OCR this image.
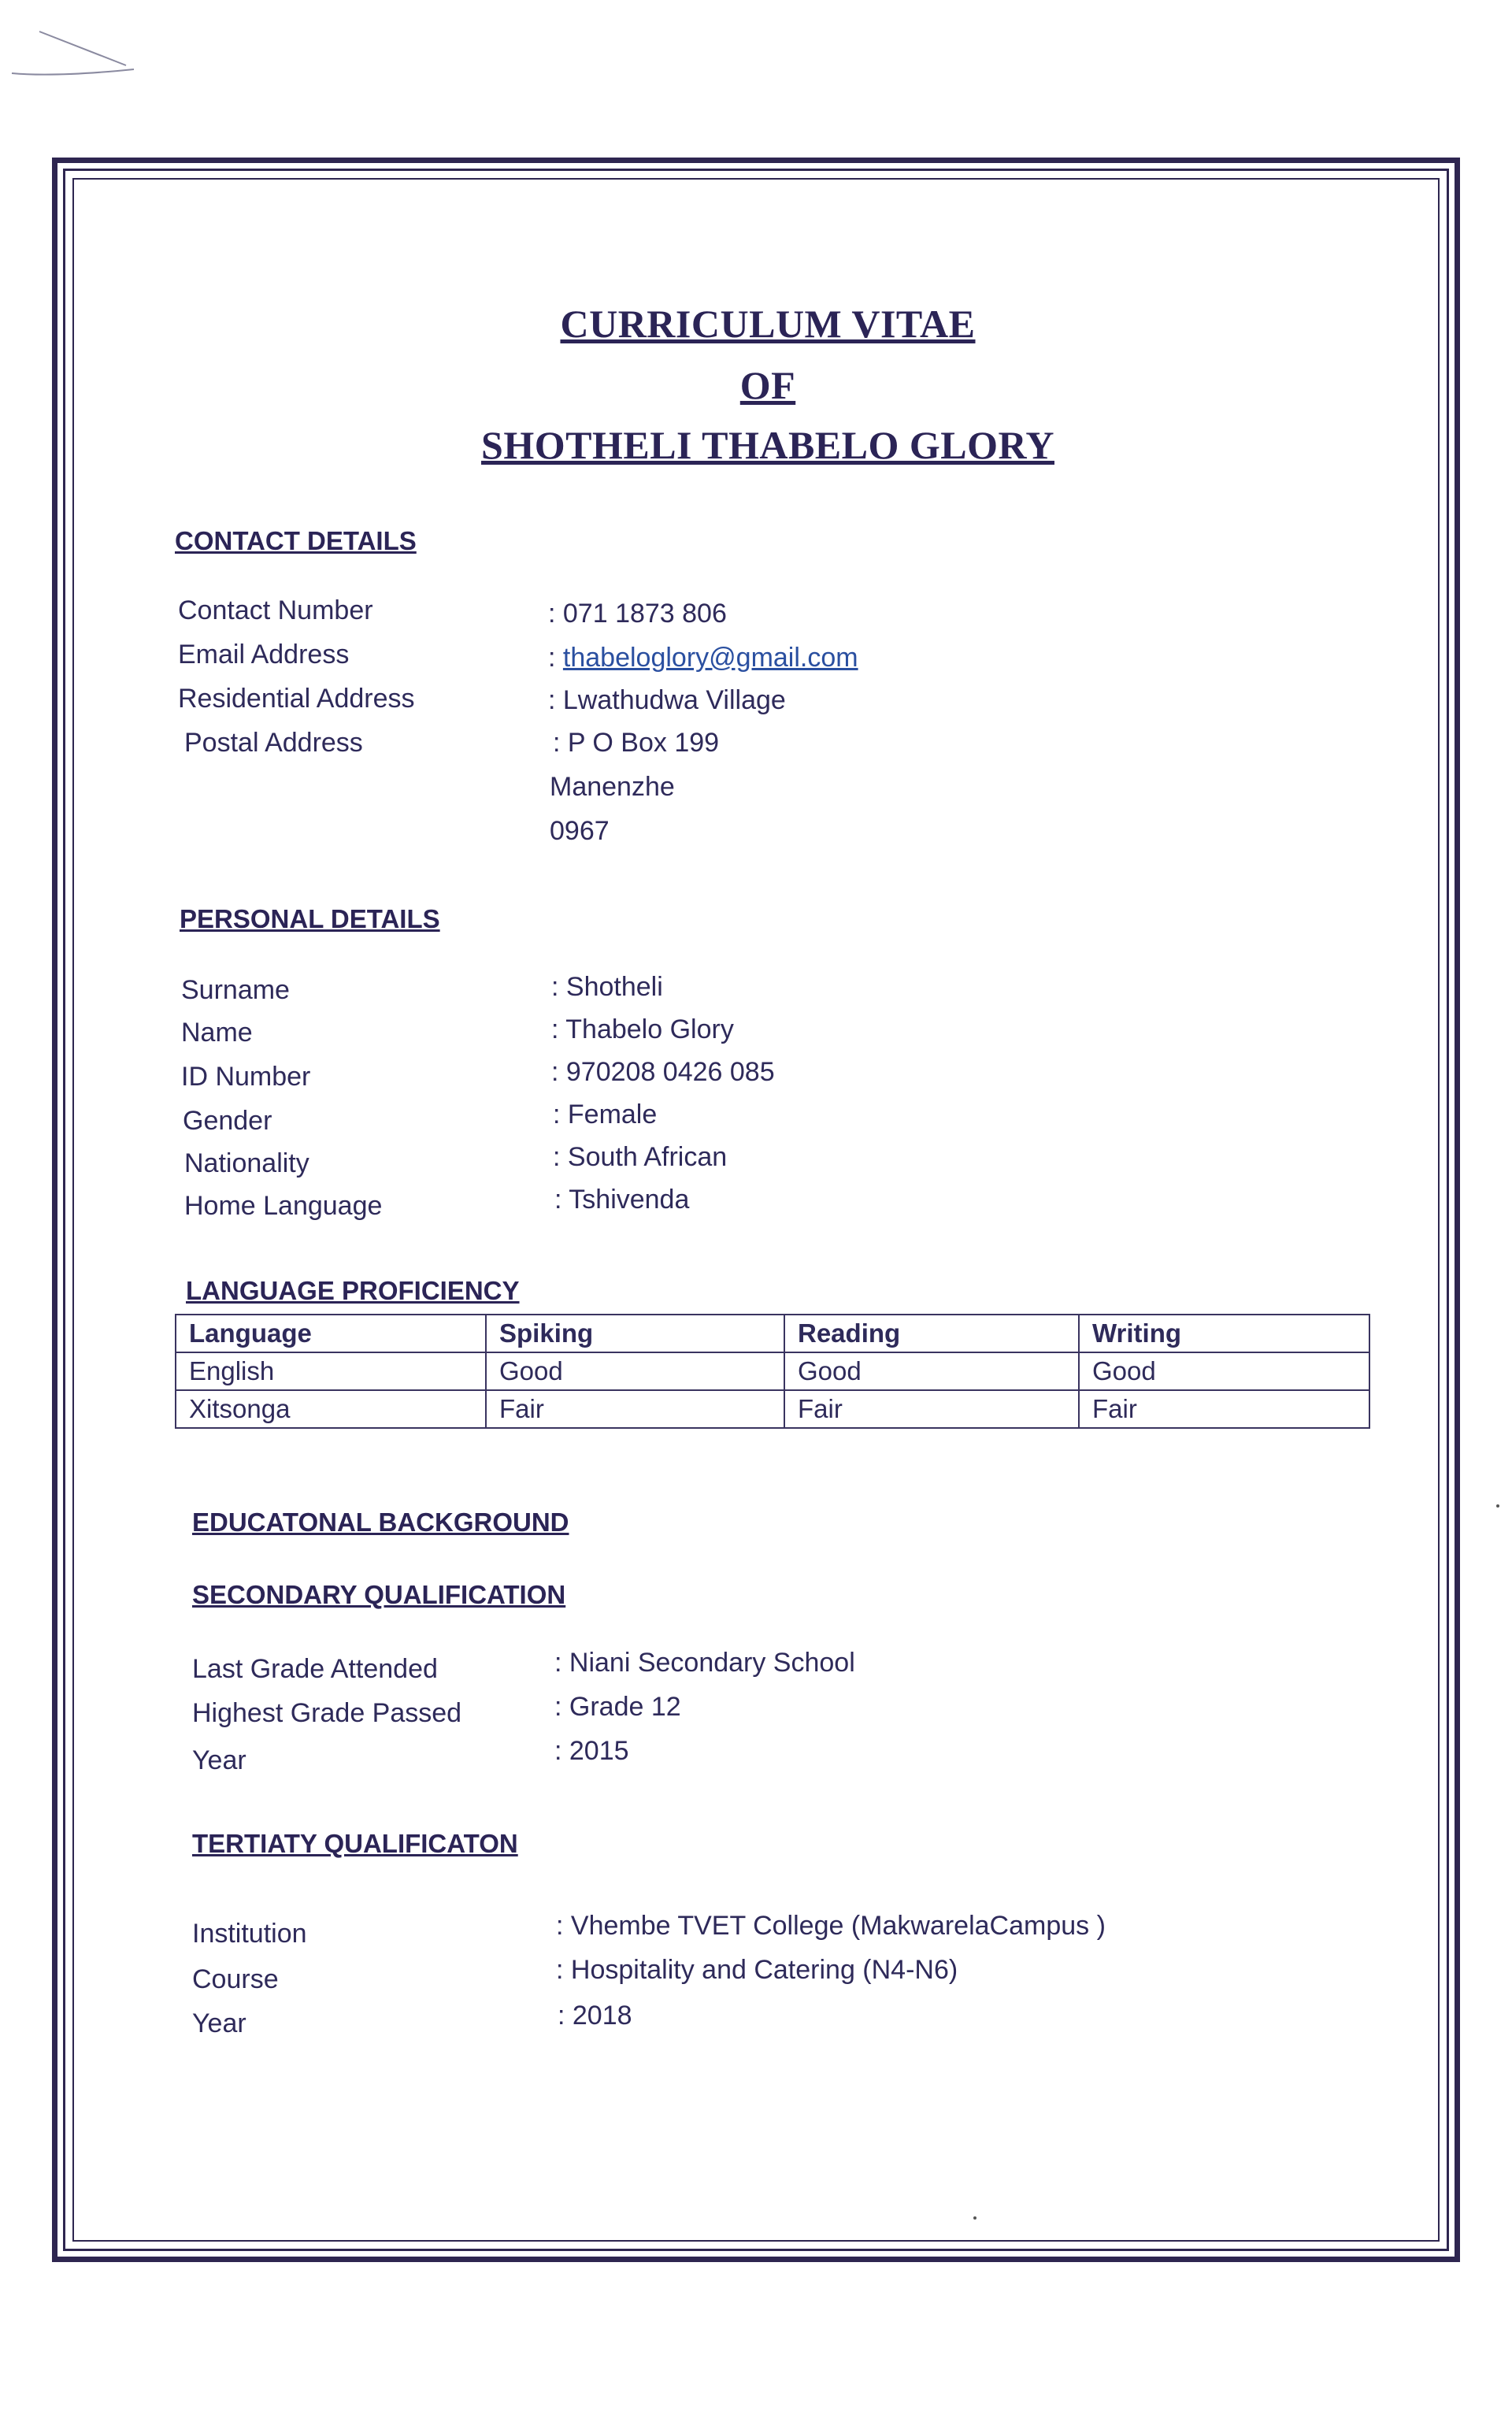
CURRICULUM VITAE
OF
SHOTHELI THABELO GLORY
CONTACT DETAILS
Contact Number	: 071 1873 806
Email Address	: thabeloglory@gmail.com
Residential Address	: Lwathudwa Village
Postal Address	: P O Box 199
Manenzhe
0967
PERSONAL DETAILS
Surname	: Shotheli
Name	: Thabelo Glory
ID Number	: 970208 0426 085
Gender	: Female
Nationality	: South African
Home Language	: Tshivenda
LANGUAGE PROFICIENCY
Language	Spiking	Reading	Writing
English	Good	Good	Good
Xitsonga	Fair	Fair	Fair
EDUCATONAL BACKGROUND
SECONDARY QUALIFICATION
Last Grade Attended	: Niani Secondary School
Highest Grade Passed	: Grade 12
Year	: 2015
TERTIATY QUALIFICATON
Institution	: Vhembe TVET College (MakwarelaCampus )
Course	: Hospitality and Catering (N4-N6)
Year	: 2018
